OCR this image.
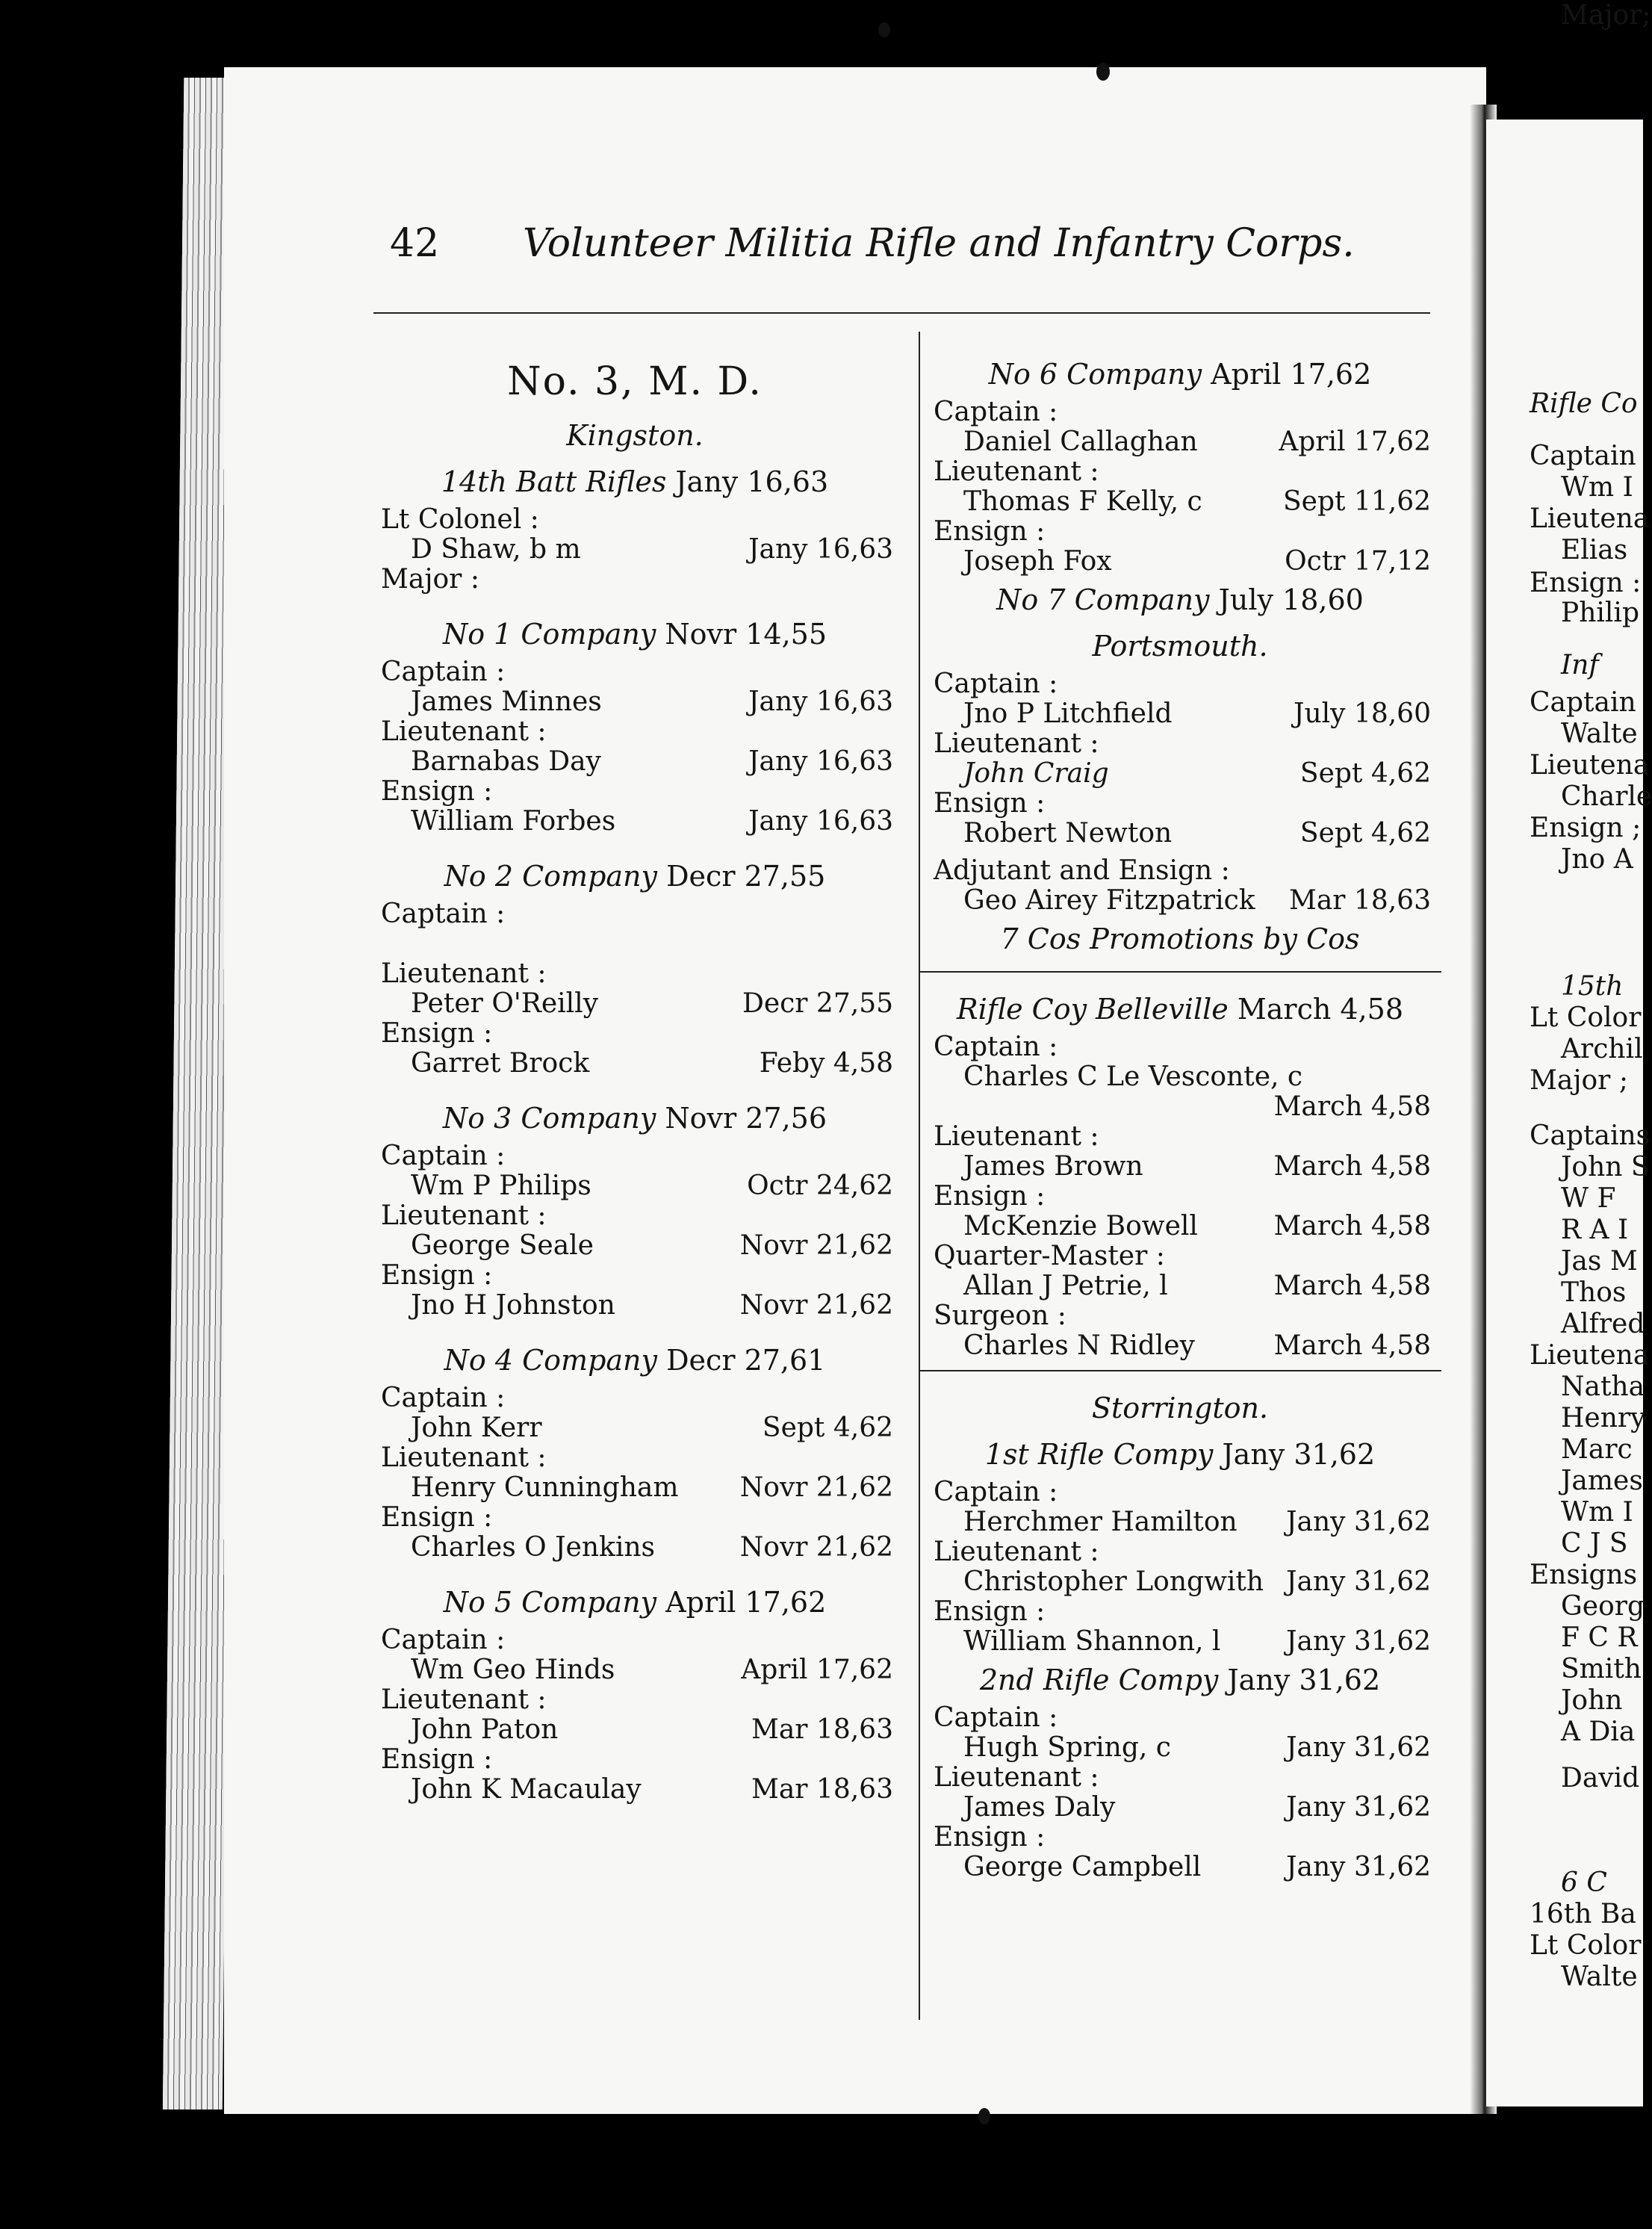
42 Volunteer Militia Rifle and Infantry Corps.
No. 3, M. D.
Kingston.
14th Batt Rifles Jany 16,63
Lt Colonel :
D Shaw, b m	Jany 16,63
Major :
No 1 Company Novr 14,55
Captain :
James Minnes	Jany 16,63
Lieutenant :
Barnabas Day	Jany 16,63
Ensign :
William Forbes	Jany 16,63
No 2 Company Decr 27,55
Captain :
Lieutenant :
Peter O'Reilly	Decr 27,55
Ensign :
Garret Brock	Feby 4,58
No 3 Company Novr 27,56
Captain :
Wm P Philips	Octr 24,62
Lieutenant :
George Seale	Novr 21,62
Ensign :
Jno H Johnston	Novr 21,62
No 4 Company Decr 27,61
Captain :
John Kerr	Sept 4,62
Lieutenant :
Henry Cunningham Novr 21,62
Ensign :
Charles O Jenkins	Novr 21,62
No 5 Company April 17,62
Captain :
Wm Geo Hinds	April 17,62
Lieutenant :
John Paton	Mar 18,63
Ensign :
John K Macaulay	Mar 18,63
No 6 Company April 17,62
Captain :
Daniel Callaghan	April 17,62
Lieutenant :
Thomas F Kelly, c	Sept 11,62
Ensign :
Joseph Fox	Octr 17,12
No 7 Company July 18,60
Portsmouth.
Captain :
Jno P Litchfield	July 18,60
Lieutenant :
John Craig	Sept 4,62
Ensign :
Robert Newton	Sept 4,62
Adjutant and Ensign :
Geo Airey Fitzpatrick Mar 18,63
7 Cos Promotions by Cos
Rifle Coy Belleville March 4,58
Captain :
Charles C Le Vesconte, c
March 4,58
Lieutenant :
James Brown	March 4,58
Ensign :
McKenzie Bowell	March 4,58
Quarter-Master :
Allan J Petrie, l	March 4,58
Surgeon :
Charles N Ridley	March 4,58
Storrington.
1st Rifle Compy Jany 31,62
Captain :
Herchmer Hamilton Jany 31,62
Lieutenant :
Christopher Longwith Jany 31,62
Ensign :
William Shannon, l Jany 31,62
2nd Rifle Compy Jany 31,62
Captain :
Hugh Spring, c	Jany 31,62
Lieutenant :
James Daly	Jany 31,62
Ensign :
George Campbell	Jany 31,62
Rifle Co
Captain
Wm I
Lieutena
Elias
Ensign :
Philip
Inf
Captain
Walte
Lieutena
Charle
Ensign ;
Jno A
15th
Lt Color
Archil
Major ;
Captains
John S
W F
R A I
Jas M
Thos
Alfred
Lieutena
Natha
Henry
Marc
James
Wm I
C J S
Ensigns
Georg
F C R
Smith
John
A Dia
David
6 C
16th Ba
Lt Color
Walte
Major;
